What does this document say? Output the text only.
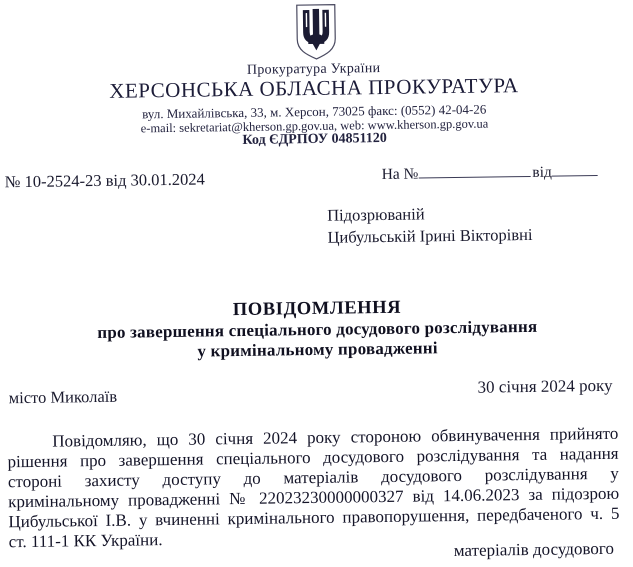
Прокуратура України
ХЕРСОНСЬКА ОБЛАСНА ПРОКУРАТУРА
вул. Михайлівська, 33, м. Херсон, 73025 факс: (0552) 42-04-26
e-mail: sekretariat@kherson.gp.gov.ua, web: www.kherson.gp.gov.ua
Код ЄДРПОУ 04851120
№ 10-2524-23 від 30.01.2024	На №	від
Підозрюваній
Цибульській Ірині Вікторівні
ПОВІДОМЛЕННЯ
про завершення спеціального досудового розслідування
у кримінальному провадженні
місто Миколаїв
30 січня 2024 року
Повідомляю, що 30 січня 2024 року стороною обвинувачення прийнято
рішення про завершення спеціального досудового розслідування та надання
стороні захисту доступу до матеріалів досудового розслідування у
кримінальному провадженні № 22023230000000327 від 14.06.2023 за підозрою
Цибульської І.В. у вчиненні кримінального правопорушення, передбаченого ч. 5
ст. 111-1 КК України.	матеріалів досудового
